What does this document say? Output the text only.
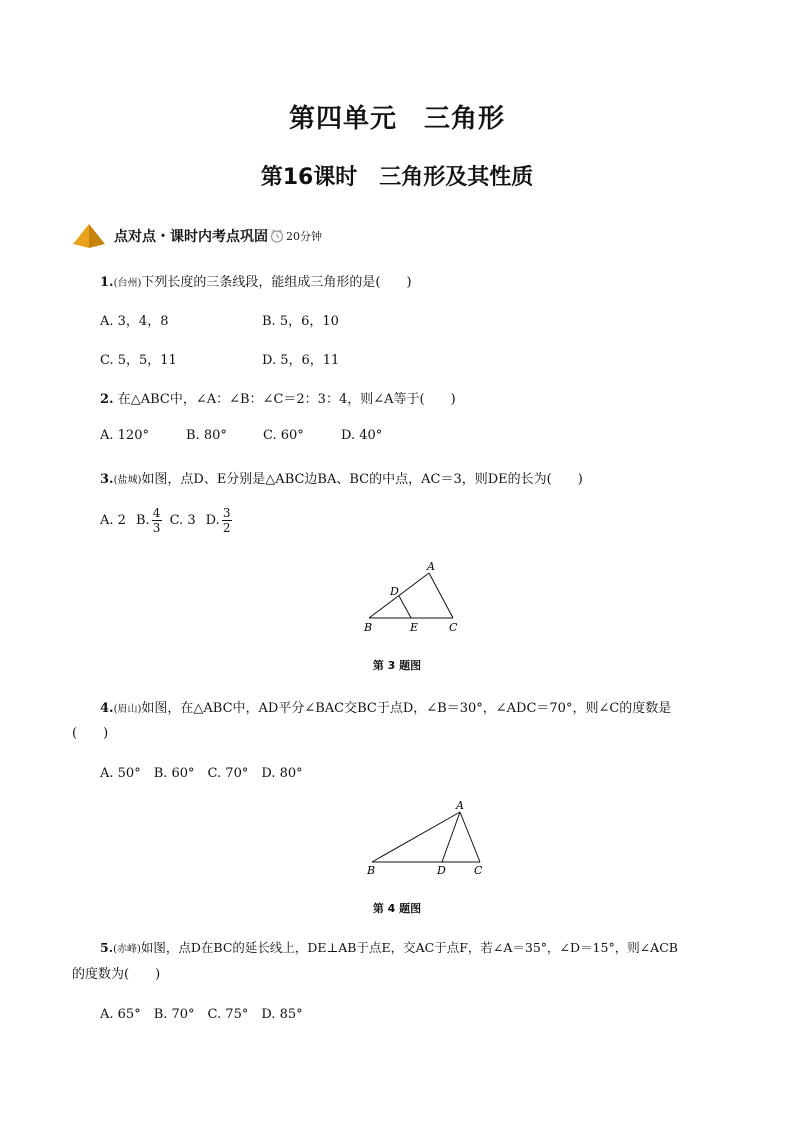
第四单元　三角形
第16课时　三角形及其性质
点对点・课时内考点巩固 20分钟
1.(台州)下列长度的三条线段，能组成三角形的是(　　)
A. 3，4，8	B. 5，6，10
C. 5，5，11	D. 5，6，11
2. 在△ABC中，∠A：∠B：∠C＝2：3：4，则∠A等于(　　)
A. 120°	B. 80°	C. 60°	D. 40°
3.(盐城)如图，点D、E分别是△ABC边BA、BC的中点，AC＝3，则DE的长为(　　)
A. 2 B. $\frac{4}{3} C$. 3 D. $\frac{3}{2}$
A
B	C
D
E
第 3 题图
4.(眉山)如图，在△ABC中，AD平分∠BAC交BC于点D，∠B＝30°，∠ADC＝70°，则∠C的度数是
(　　)
A. 50°　B. 60°　C. 70°　D. 80°
A
B	C
D
第 4 题图
5.(赤峰)如图，点D在BC的延长线上，DE⊥AB于点E，交AC于点F，若∠A＝35°，∠D＝15°，则∠ACB
的度数为(　　)
A. 65°　B. 70°　C. 75°　D. 85°
